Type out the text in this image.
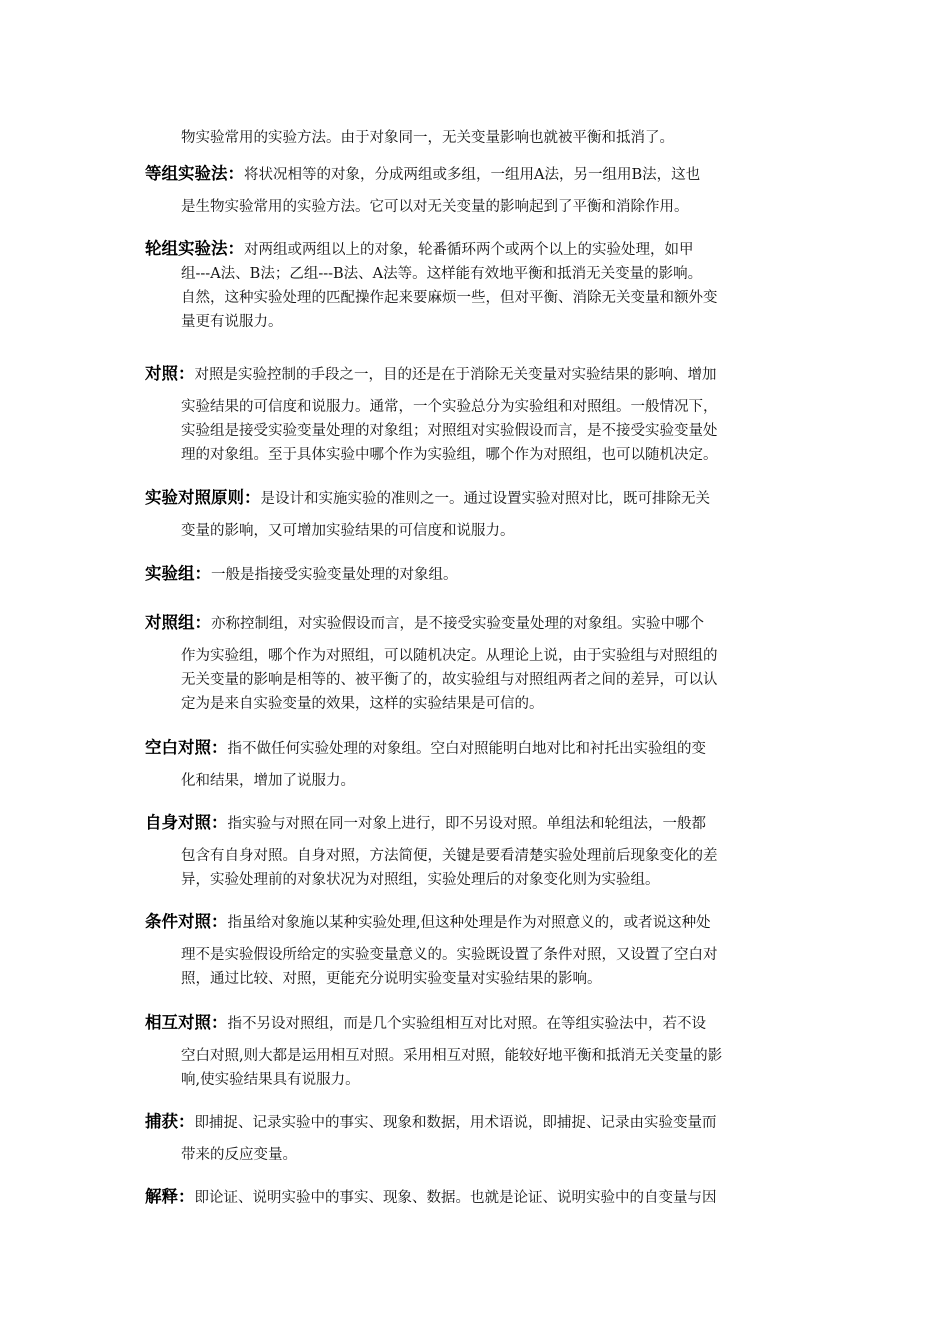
物实验常用的实验方法。由于对象同一，无关变量影响也就被平衡和抵消了。
等组实验法：将状况相等的对象，分成两组或多组，一组用A法，另一组用B法，这也
是生物实验常用的实验方法。它可以对无关变量的影响起到了平衡和消除作用。
轮组实验法：对两组或两组以上的对象，轮番循环两个或两个以上的实验处理，如甲
组---A法、B法；乙组---B法、A法等。这样能有效地平衡和抵消无关变量的影响。
自然，这种实验处理的匹配操作起来要麻烦一些，但对平衡、消除无关变量和额外变
量更有说服力。
对照：对照是实验控制的手段之一，目的还是在于消除无关变量对实验结果的影响、增加
实验结果的可信度和说服力。通常，一个实验总分为实验组和对照组。一般情况下，
实验组是接受实验变量处理的对象组；对照组对实验假设而言，是不接受实验变量处
理的对象组。至于具体实验中哪个作为实验组，哪个作为对照组，也可以随机决定。
实验对照原则：是设计和实施实验的准则之一。通过设置实验对照对比，既可排除无关
变量的影响，又可增加实验结果的可信度和说服力。
实验组：一般是指接受实验变量处理的对象组。
对照组：亦称控制组，对实验假设而言，是不接受实验变量处理的对象组。实验中哪个
作为实验组，哪个作为对照组，可以随机决定。从理论上说，由于实验组与对照组的
无关变量的影响是相等的、被平衡了的，故实验组与对照组两者之间的差异，可以认
定为是来自实验变量的效果，这样的实验结果是可信的。
空白对照：指不做任何实验处理的对象组。空白对照能明白地对比和衬托出实验组的变
化和结果，增加了说服力。
自身对照：指实验与对照在同一对象上进行，即不另设对照。单组法和轮组法，一般都
包含有自身对照。自身对照，方法简便，关键是要看清楚实验处理前后现象变化的差
异，实验处理前的对象状况为对照组，实验处理后的对象变化则为实验组。
条件对照：指虽给对象施以某种实验处理,但这种处理是作为对照意义的，或者说这种处
理不是实验假设所给定的实验变量意义的。实验既设置了条件对照，又设置了空白对
照，通过比较、对照，更能充分说明实验变量对实验结果的影响。
相互对照：指不另设对照组，而是几个实验组相互对比对照。在等组实验法中，若不设
空白对照,则大都是运用相互对照。采用相互对照，能较好地平衡和抵消无关变量的影
响,使实验结果具有说服力。
捕获：即捕捉、记录实验中的事实、现象和数据，用术语说，即捕捉、记录由实验变量而
带来的反应变量。
解释：即论证、说明实验中的事实、现象、数据。也就是论证、说明实验中的自变量与因
